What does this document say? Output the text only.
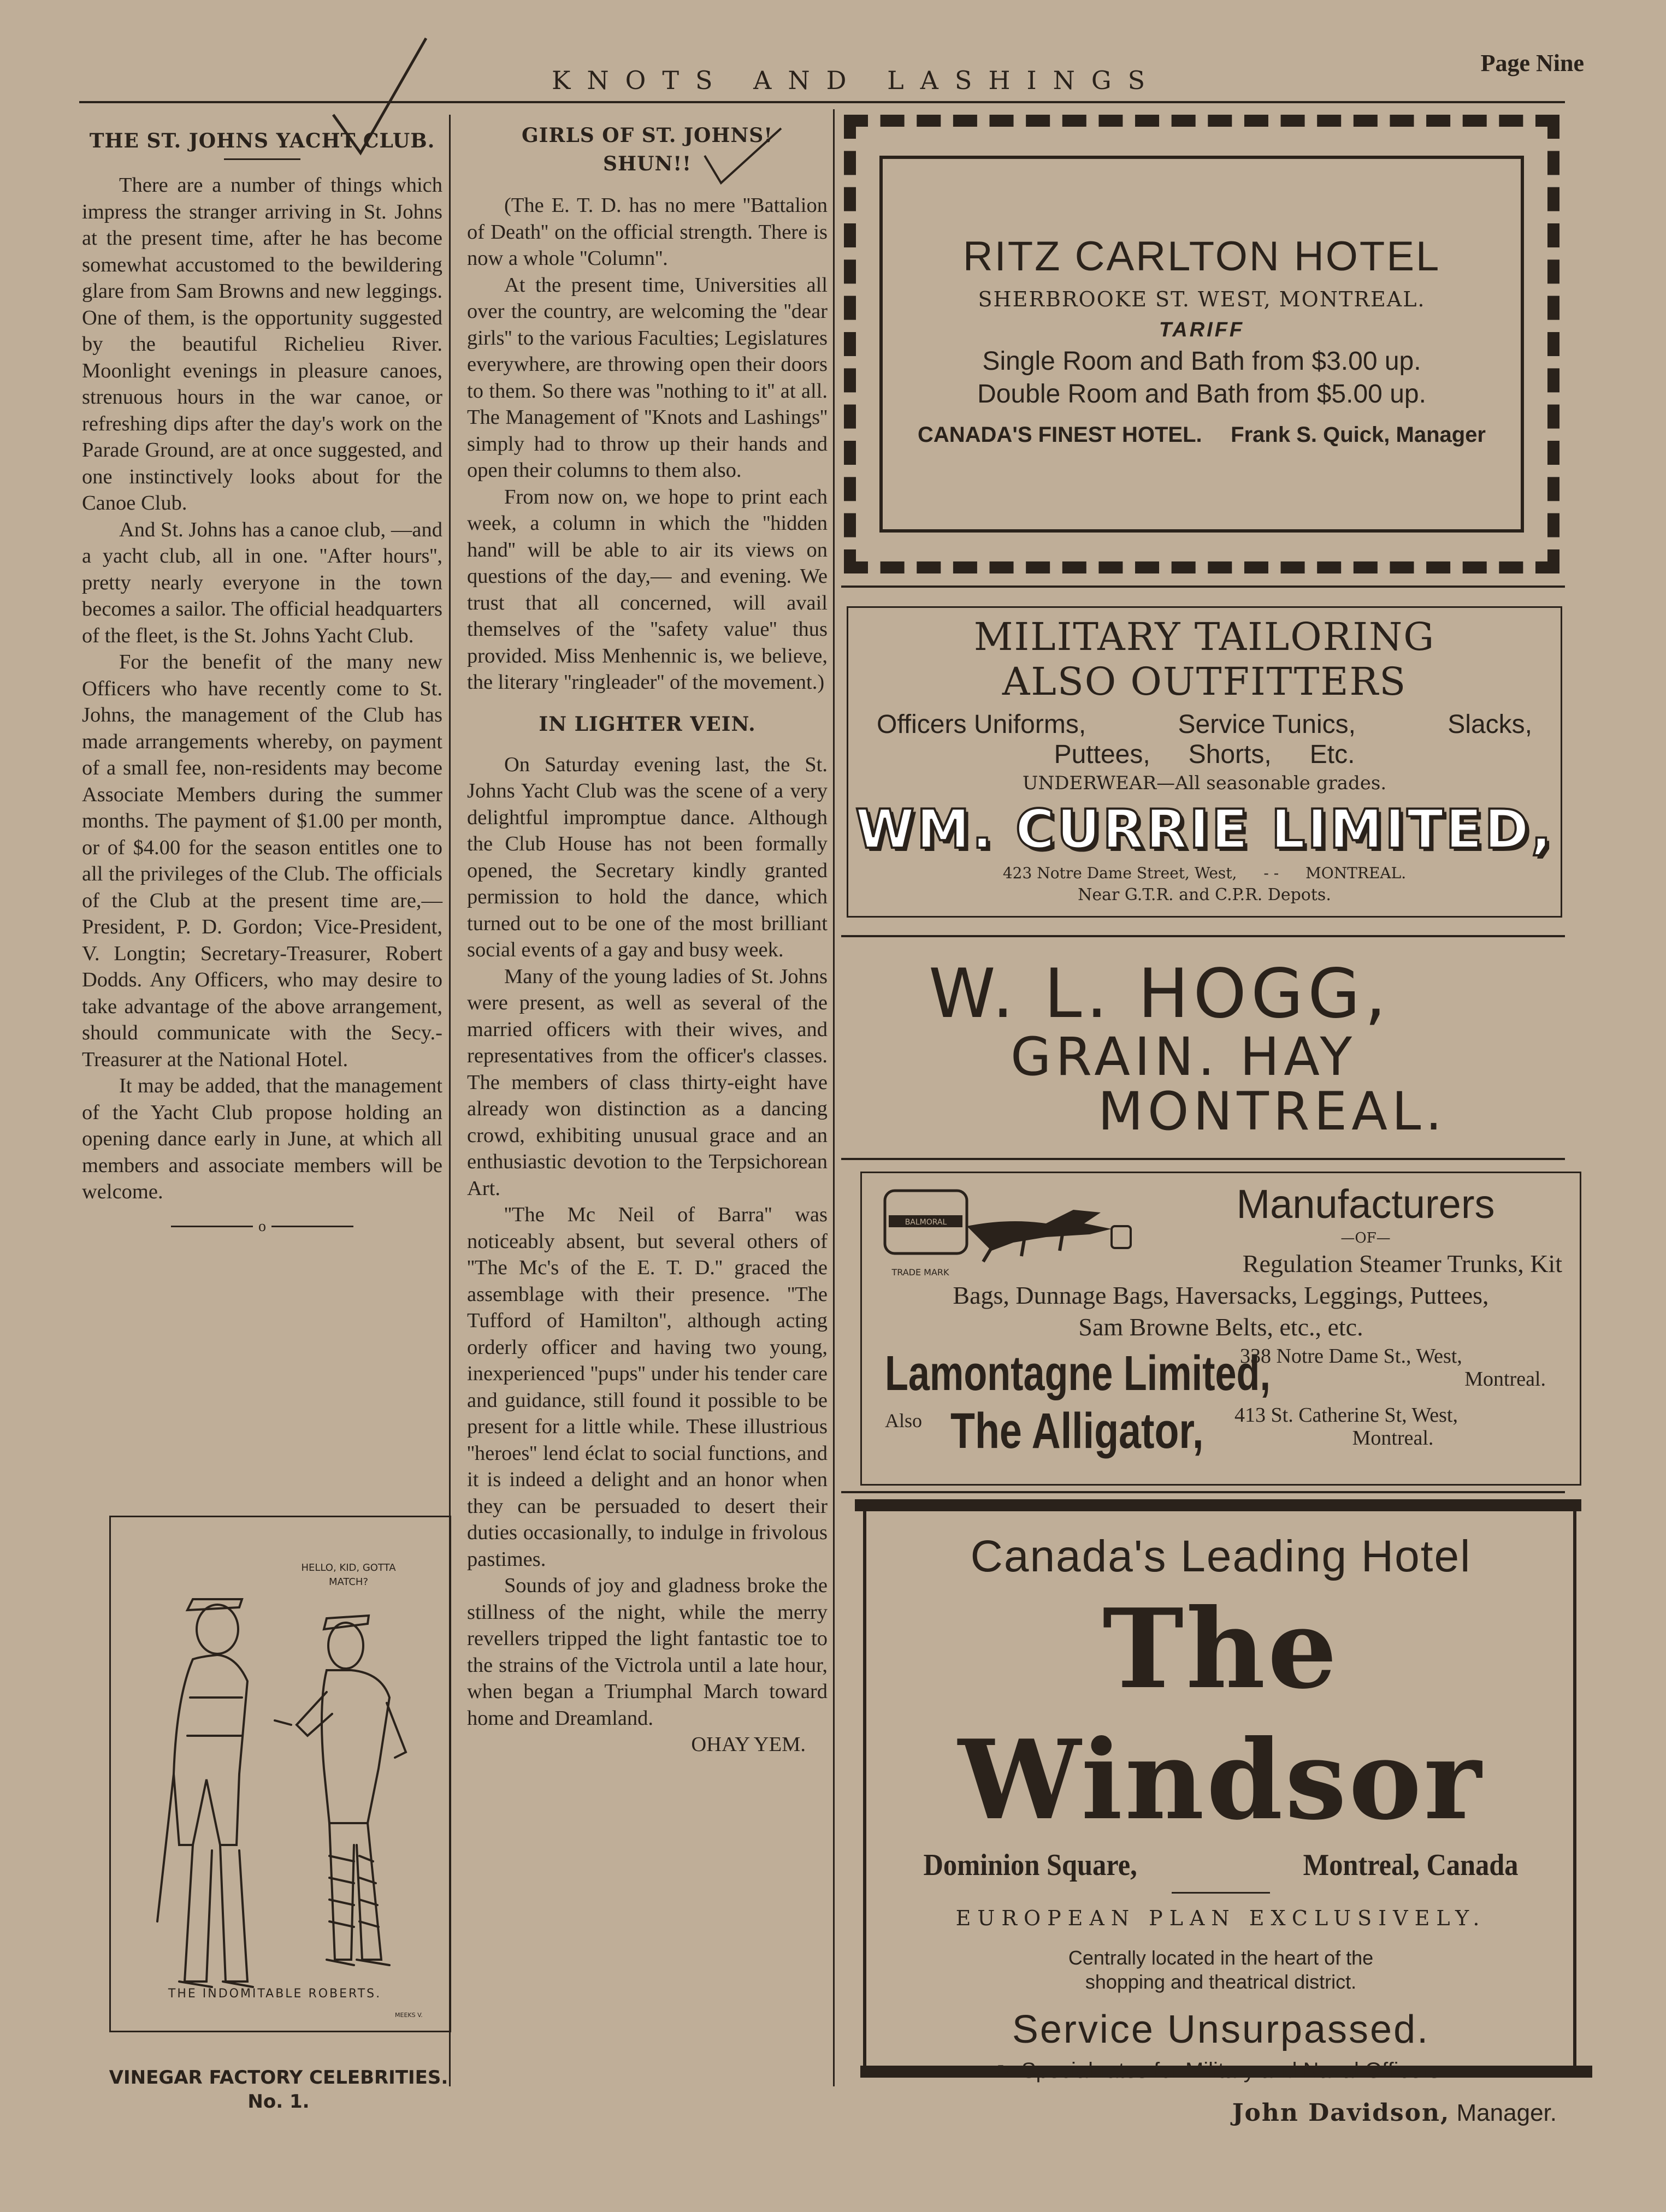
KNOTS AND LASHINGS
Page Nine
THE ST. JOHNS YACHT CLUB.

There are a number of things which impress the stranger arriving in St. Johns at the present time, after he has become somewhat accustomed to the bewildering glare from Sam Browns and new leggings. One of them, is the opportunity suggested by the beautiful Richelieu River. Moonlight evenings in pleasure canoes, strenuous hours in the war canoe, or refreshing dips after the day's work on the Parade Ground, are at once suggested, and one instinctively looks about for the Canoe Club.

And St. Johns has a canoe club, —and a yacht club, all in one. ''After hours'', pretty nearly everyone in the town becomes a sailor. The official headquarters of the fleet, is the St. Johns Yacht Club.

For the benefit of the many new Officers who have recently come to St. Johns, the management of the Club has made arrangements whereby, on payment of a small fee, non-residents may become Associate Members during the summer months. The payment of $1.00 per month, or of $4.00 for the season entitles one to all the privileges of the Club. The officials of the Club at the present time are,— President, P. D. Gordon; Vice-President, V. Longtin; Secretary-Treasurer, Robert Dodds. Any Officers, who may desire to take advantage of the above arrangement, should communicate with the Secy.-Treasurer at the National Hotel.

It may be added, that the management of the Yacht Club propose holding an opening dance early in June, at which all members and associate members will be welcome.

o
HELLO, KID, GOTTA MATCH?
THE INDOMITABLE ROBERTS.
MEEKS V.
VINEGAR FACTORY CELEBRITIES.
No. 1.
GIRLS OF ST. JOHNS!
SHUN!!

(The E. T. D. has no mere ''Battalion of Death'' on the official strength. There is now a whole ''Column''.

At the present time, Universities all over the country, are welcoming the ''dear girls'' to the various Faculties; Legislatures everywhere, are throwing open their doors to them. So there was ''nothing to it'' at all. The Management of ''Knots and Lashings'' simply had to throw up their hands and open their columns to them also.

From now on, we hope to print each week, a column in which the ''hidden hand'' will be able to air its views on questions of the day,— and evening. We trust that all concerned, will avail themselves of the ''safety value'' thus provided. Miss Menhennic is, we believe, the literary ''ringleader'' of the movement.)

IN LIGHTER VEIN.

On Saturday evening last, the St. Johns Yacht Club was the scene of a very delightful impromptue dance. Although the Club House has not been formally opened, the Secretary kindly granted permission to hold the dance, which turned out to be one of the most brilliant social events of a gay and busy week.

Many of the young ladies of St. Johns were present, as well as several of the married officers with their wives, and representatives from the officer's classes. The members of class thirty-eight have already won distinction as a dancing crowd, exhibiting unusual grace and an enthusiastic devotion to the Terpsichorean Art.

''The Mc Neil of Barra'' was noticeably absent, but several others of ''The Mc's of the E. T. D.'' graced the assemblage with their presence. ''The Tufford of Hamilton'', although acting orderly officer and having two young, inexperienced ''pups'' under his tender care and guidance, still found it possible to be present for a little while. These illustrious ''heroes'' lend éclat to social functions, and it is indeed a delight and an honor when they can be persuaded to desert their duties occasionally, to indulge in frivolous pastimes.

Sounds of joy and gladness broke the stillness of the night, while the merry revellers tripped the light fantastic toe to the strains of the Victrola until a late hour, when began a Triumphal March toward home and Dreamland.

OHAY YEM.
RITZ CARLTON HOTEL
SHERBROOKE ST. WEST, MONTREAL.
TARIFF
Single Room and Bath from $3.00 up.
Double Room and Bath from $5.00 up.
CANADA'S FINEST HOTEL. Frank S. Quick, Manager
MILITARY TAILORING
ALSO OUTFITTERS
Officers Uniforms,	Service Tunics,	Slacks,
Puttees, Shorts, Etc.
UNDERWEAR—All seasonable grades.
WM. CURRIE LIMITED,
423 Notre Dame Street, West, - - MONTREAL.
Near G.T.R. and C.P.R. Depots.
W. L. HOGG,
GRAIN. HAY
MONTREAL.
BALMORAL
TRADE MARK
Manufacturers
—OF—
Regulation Steamer Trunks, Kit
Bags, Dunnage Bags, Haversacks, Leggings, Puttees,
Sam Browne Belts, etc., etc.
Lamontagne Limited,
338 Notre Dame St., West,
Montreal.
Also The Alligator, 413 St. Catherine St, West,
Montreal.
Canada's Leading Hotel
The Windsor
Dominion Square,	Montreal, Canada
EUROPEAN PLAN EXCLUSIVELY.
Centrally located in the heart of the
shopping and theatrical district.
Service Unsurpassed.
☞ Special rates for Military and Naval Officers.
John Davidson, Manager.
